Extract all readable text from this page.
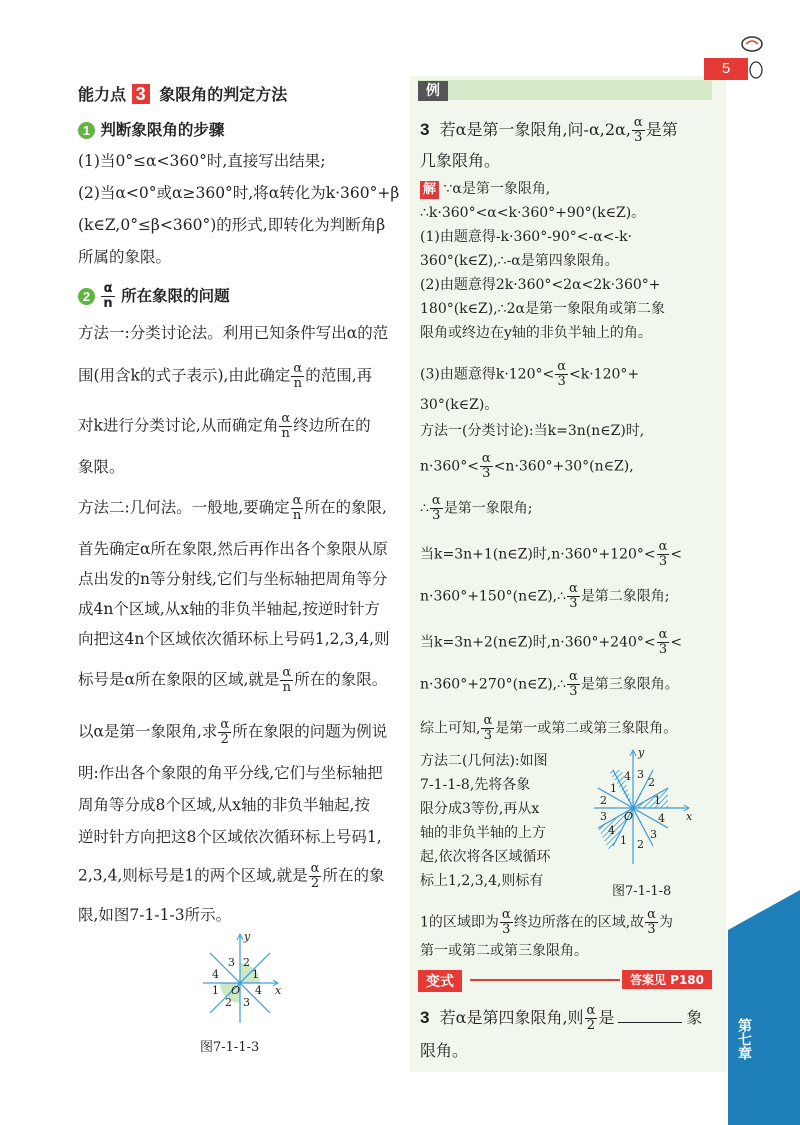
5
第七章
能力点 3 象限角的判定方法
1 判断象限角的步骤
(1)当0°≤α<360°时,直接写出结果;
(2)当α<0°或α≥360°时,将α转化为k·360°+β
(k∈Z,0°≤β<360°)的形式,即转化为判断角β
所属的象限。
$2 \frac{\alpha}{n}$ 所在象限的问题
方法一:分类讨论法。利用已知条件写出α的范
围(用含k的式子表示),由此确定 $\frac{\alpha}{n}$ 的范围,再
对k进行分类讨论,从而确定角 $\frac{\alpha}{n}$ 终边所在的
象限。
方法二:几何法。一般地,要确定 $\frac{\alpha}{n}$ 所在的象限,
首先确定α所在象限,然后再作出各个象限从原
点出发的n等分射线,它们与坐标轴把周角等分
成4n个区域,从x轴的非负半轴起,按逆时针方
向把这4n个区域依次循环标上号码1,2,3,4,则
标号是α所在象限的区域,就是 $\frac{\alpha}{n}$ 所在的象限。
以α是第一象限角,求 $\frac{\alpha}{2}$ 所在象限的问题为例说
明:作出各个象限的角平分线,它们与坐标轴把
周角等分成8个区域,从x轴的非负半轴起,按
逆时针方向把这8个区域依次循环标上号码1,
2,3,4,则标号是1的两个区域,就是 $\frac{\alpha}{2}$ 所在的象
限,如图7-1-1-3所示。
1
2
3
4
1
2 3
4 x
y
O
图7-1-1-3
例
3 若α是第一象限角,问-α,2α, $\frac{\alpha}{3}$ 是第
几象限角。
解 ∵α是第一象限角,
∴k·360°<α<k·360°+90°(k∈Z)。
(1)由题意得-k·360°-90°<-α<-k·
360°(k∈Z),∴-α是第四象限角。
(2)由题意得2k·360°<2α<2k·360°+
180°(k∈Z),∴2α是第一象限角或第二象
限角或终边在y轴的非负半轴上的角。
(3)由题意得$k\cdot 120^\circ< \frac{\alpha}{3} <k\cdot 120^\circ+$
30°(k∈Z)。
方法一(分类讨论):当k=3n(n∈Z)时,
$n\cdot 360^\circ< \frac{\alpha}{3}$ <n·360°+30°(n∈Z),
∴ $\frac{\alpha}{3}$ 是第一象限角;
当k=3n+1(n∈Z)时$,n\cdot 360^\circ+120^\circ< \frac{\alpha}{3}$ <
n·360°+150°(n∈Z),∴ $\frac{\alpha}{3}$ 是第二象限角;
当k=3n+2(n∈Z)时$,n\cdot 360^\circ+240^\circ< \frac{\alpha}{3}$ <
n·360°+270°(n∈Z),∴ $\frac{\alpha}{3}$ 是第三象限角。
综上可知, $\frac{\alpha}{3}$ 是第一或第二或第三象限角。
方法二(几何法):如图
7-1-1-8,先将各象
限分成3等份,再从x
轴的非负半轴的上方
起,依次将各区域循环
标上1,2,3,4,则标有
1
2
3
4
1
2
3
4
1 2
3
4 x
y
O
图7-1-1-8
1的区域即为 $\frac{\alpha}{3}$ 终边所落在的区域,故 $\frac{\alpha}{3}$ 为
第一或第二或第三象限角。
变式	答案见 P180
3 若α是第四象限角,则 $\frac{\alpha}{2}$ 是	象
限角。
